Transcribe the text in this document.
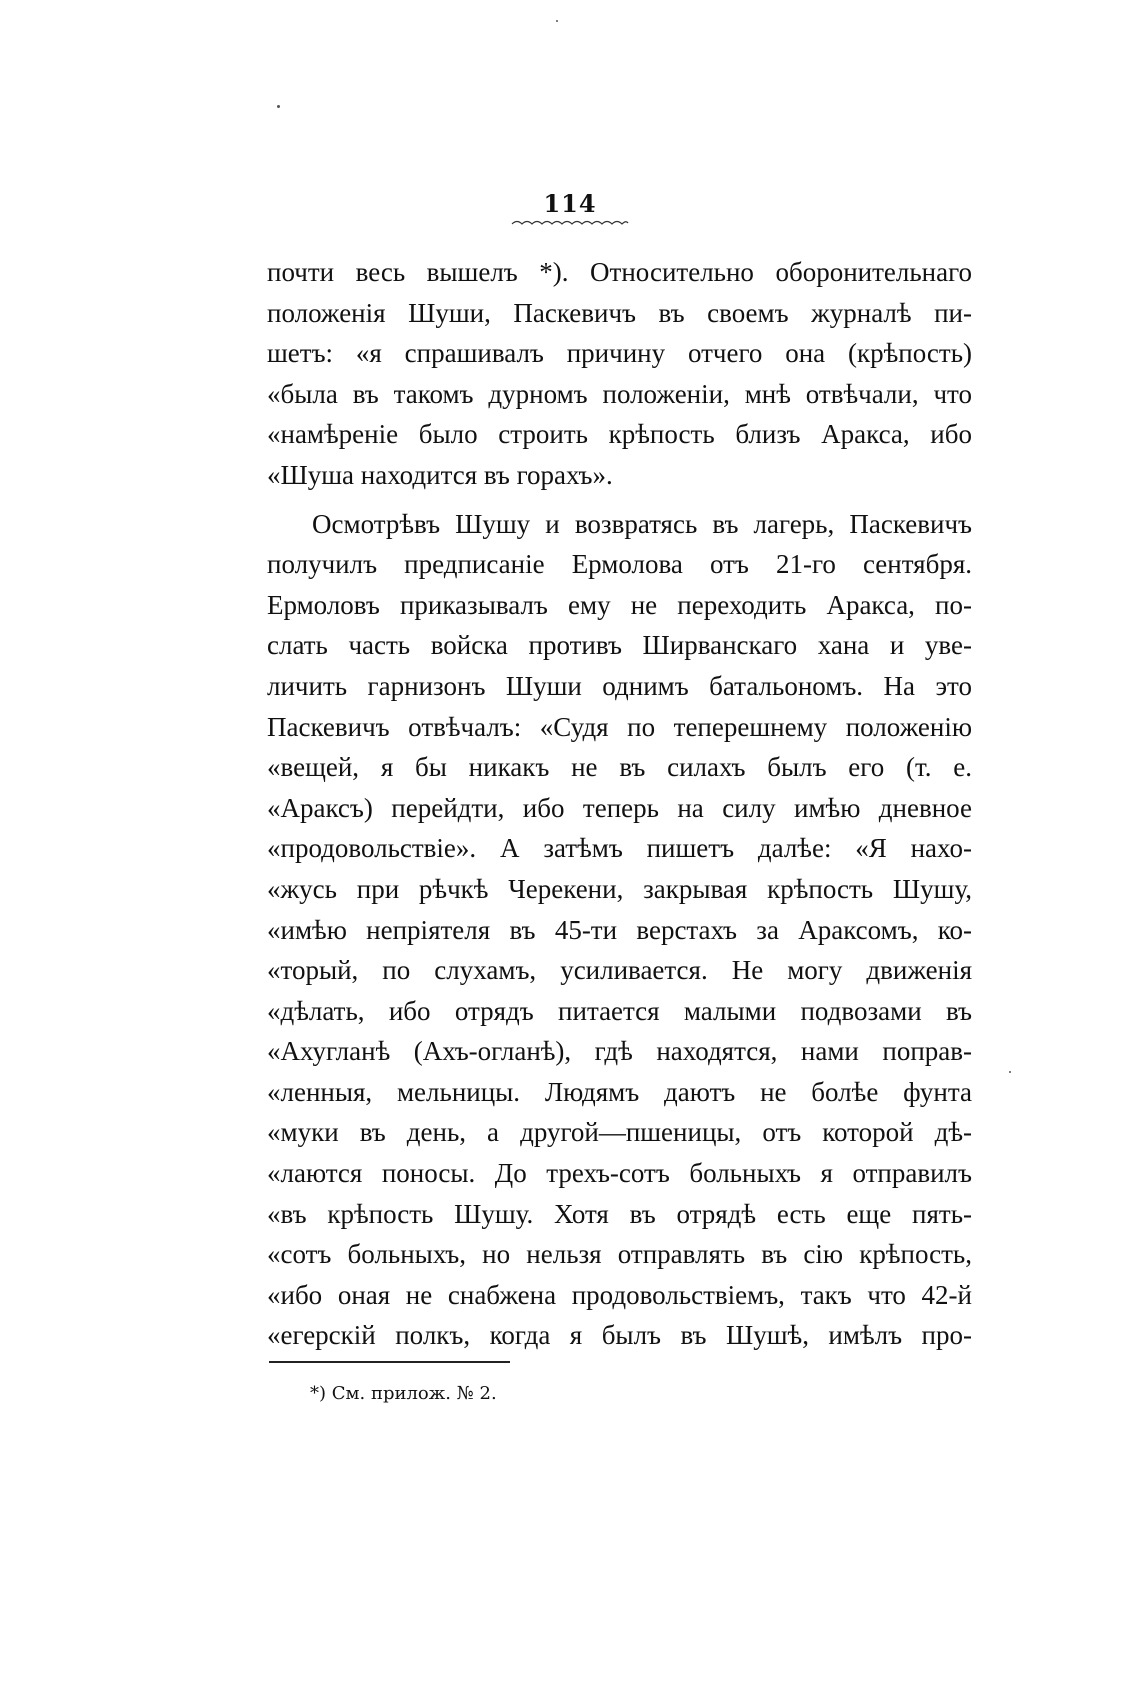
114
почти весь вышелъ *). Относительно оборонительнаго
положенія Шуши, Паскевичъ въ своемъ журналѣ пи-
шетъ: «я спрашивалъ причину отчего она (крѣпость)
«была въ такомъ дурномъ положеніи, мнѣ отвѣчали, что
«намѣреніе было строить крѣпость близъ Аракса, ибо
«Шуша находится въ горахъ».
Осмотрѣвъ Шушу и возвратясь въ лагерь, Паскевичъ
получилъ предписаніе Ермолова отъ 21-го сентября.
Ермоловъ приказывалъ ему не переходить Аракса, по-
слать часть войска противъ Ширванскаго хана и уве-
личить гарнизонъ Шуши однимъ батальономъ. На это
Паскевичъ отвѣчалъ: «Судя по теперешнему положенію
«вещей, я бы никакъ не въ силахъ былъ его (т. е.
«Араксъ) перейдти, ибо теперь на силу имѣю дневное
«продовольствіе». А затѣмъ пишетъ далѣе: «Я нахо-
«жусь при рѣчкѣ Черекени, закрывая крѣпость Шушу,
«имѣю непріятеля въ 45-ти верстахъ за Араксомъ, ко-
«торый, по слухамъ, усиливается. Не могу движенія
«дѣлать, ибо отрядъ питается малыми подвозами въ
«Ахугланѣ (Ахъ-огланѣ), гдѣ находятся, нами поправ-
«ленныя, мельницы. Людямъ даютъ не болѣе фунта
«муки въ день, а другой—пшеницы, отъ которой дѣ-
«лаются поносы. До трехъ-сотъ больныхъ я отправилъ
«въ крѣпость Шушу. Хотя въ отрядѣ есть еще пять-
«сотъ больныхъ, но нельзя отправлять въ сію крѣпость,
«ибо оная не снабжена продовольствіемъ, такъ что 42-й
«егерскій полкъ, когда я былъ въ Шушѣ, имѣлъ про-
*) См. прилож. № 2.
